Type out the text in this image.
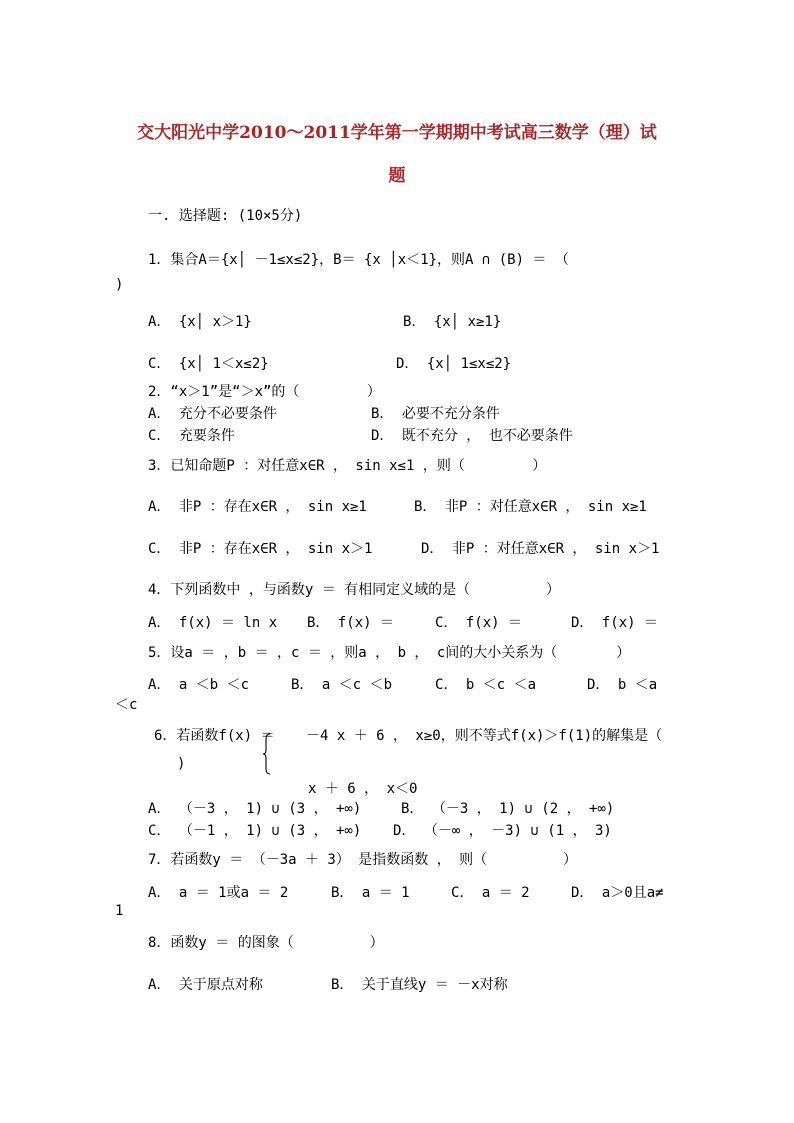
交大阳光中学2010～2011学年第一学期期中考试高三数学（理）试
题
一. 选择题: (10×5分)
1．集合A＝{x│ －1≤x≤2}，B＝ {x │x＜1}，则A ∩ (B) ＝ （
)
A． {x│ x＞1}	B． {x│ x≥1}
C． {x│ 1＜x≤2}	D． {x│ 1≤x≤2}
2．“x＞1”是“＞x”的（        ）
A． 充分不必要条件	B． 必要不充分条件
C． 充要条件	D． 既不充分 ， 也不必要条件
3．已知命题P ：对任意x∈R ， sin x≤1 ，则（        ）
A． 非P ：存在x∈R ， sin x≥1	B． 非P ：对任意x∈R ， sin x≥1
C． 非P ：存在x∈R ， sin x＞1	D． 非P ：对任意x∈R ， sin x＞1
4．下列函数中 ，与函数y ＝ 有相同定义域的是（         ）
A． f(x) ＝ ln x B． f(x) ＝	C． f(x) ＝	D． f(x) ＝
5．设a ＝ ，b ＝ ，c ＝ ，则a ， b ， c间的大小关系为（       ）
A． a ＜b ＜c	B． a ＜c ＜b	C． b ＜c ＜a	D． b ＜a
＜c
6．若函数f(x) ＝ －4 x ＋ 6 ， x≥0，则不等式f(x)＞f(1)的解集是（
)
x ＋ 6 ， x＜0
A． （－3 ， 1) ∪ (3 ， +∞)	B． （－3 ， 1) ∪ (2 ， +∞)
C． （－1 ， 1) ∪ (3 ， +∞) D． （－∞ ， －3) ∪ (1 ， 3)
7．若函数y ＝ （－3a ＋ 3） 是指数函数 ， 则（         ）
A． a ＝ 1或a ＝ 2	B． a ＝ 1	C． a ＝ 2	D． a＞0且a≠
1
8．函数y ＝ 的图象（         ）
A． 关于原点对称	B． 关于直线y ＝ －x对称
